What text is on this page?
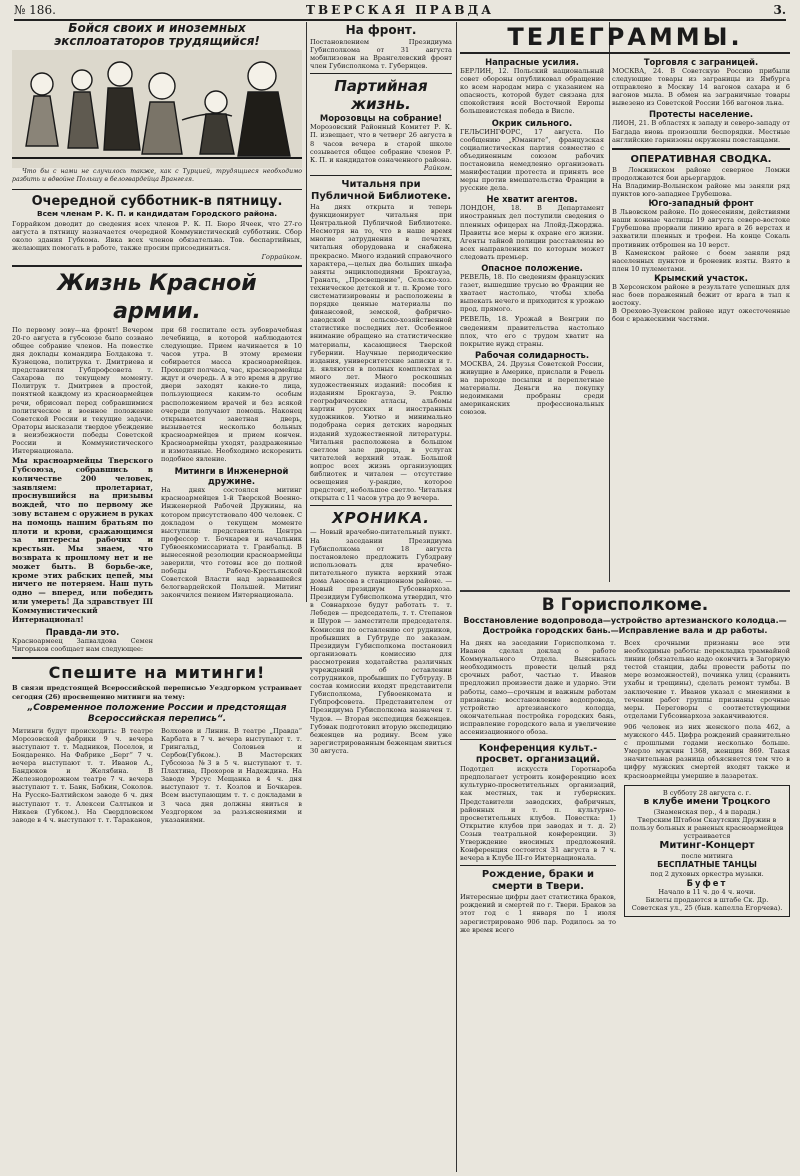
№ 186.	ТВЕРСКАЯ ПРАВДА	3.

Бойся своих и иноземных эксплоататоров трудящийся!

Что бы с нами не случилось также, как с Турцией, трудящиеся необходимо разбить и вдвойне Польшу в белогвардейца Врангеля.

Очередной субботник-в пятницу.

Всем членам Р. К. П. и кандидатам Городского района.

Горрайком доводит до сведения всех членов Р. К. П. Бюро Ячеек, что 27-го августа в пятницу назначается очередной Коммунистический субботник. Сбор около здания Губкома. Явка всех членов обязательна. Тов. беспартийных, желающих помогать в работе, также просим присоединиться.

Горрайком.

Жизнь Красной армии.

По первому зову—на фронт! Вечером 20-го августа в губсоюзе было созвано общее собрание членов. На повестке дня доклады командира Болдакова т. Кузнецова, политрука т. Дмитриева и представителя Губпрофсовета т. Сахарова по текущему моменту. Политрук т. Дмитриев в простой, понятной каждому из красноармейцев речи, обрисовал перед собравшимися политическое и военное положение Советской России и текущие задачи. Ораторы высказали твердое убеждение в неизбежности победы Советской России и Коммунистического Интернационала.

Мы красноармейцы Тверского Губсоюза, собравшись в количестве 200 человек, заявляем: пролетариат, проснувшийся на призывы вождей, что по первому же зову встанем с оружием в руках на помощь нашим братьям по плоти и крови, сражающимся за интересы рабочих и крестьян. Мы знаем, что возврата к прошлому нет и не может быть. В борьбе-же, кроме этих рабских цепей, мы ничего не потеряем. Наш путь одно — вперед, или победить или умереть! Да здравствует III Коммунистический Интернационал!

Правда-ли это.

Красноармеец Запвалдова Семен Чигорьков сообщает нам следующее:

при 68 госпитале есть зубоврачебная лечебница, в которой наблюдаются следующие. Прием начинается в 10 часов утра. В этому времени собирается масса красноармейцев. Проходит полчаса, час, красноармейцы ждут и очередь. А в это время в другие двери заходят какие-то лица, пользующиеся каким-то особым расположением врачей и без всякой очереди получают помощь. Наконец открывается заветная дверь, вызывается несколько больных красноармейцев и прием кончен. Красноармейцы уходят, раздраженные и измотанные. Необходимо искоренить подобное явление.

Митинги в Инженерной дружине.

На днях состоялся митинг красноармейцев 1-й Тверской Военно-Инженерной Рабочей Дружины, на котором присутствовало 400 человек. С докладом о текущем моменте выступили: представитель Центра профессор т. Бочкарев и начальник Губвоенкомиссариата т. Гранбальд. В вынесенной резолюции красноармейцы заверили, что готовы все до полной победы Рабоче-Крестьянской Советской Власти над зарвавшейся белогвардейской Польшей. Митинг закончился пением Интернационала.

Спешите на митинги!

В связи предстоящей Всероссийской переписью Уездгорком устраивает сегодня (26) просвещенно митинги на тему:

„Современное положение России и предстоящая Всероссийская перепись“.

Митинги будут происходить: В театре Морозовской фабрики 9 ч. вечера выступают т. т. Мадников, Поселов, и Бондаренко. На Фабрике „Берг“ 7 ч. вечера выступают т. т. Иванов А., Бандюков и Желябина. В Железнодорожном театре 7 ч. вечера выступают т. т. Банк, Бабкин, Соколов. На Русско-Балтийском заводе 6 ч. дня выступают т. т. Алексеи Салтыков и Никаев (Губком.). На Свердловском заводе в 4 ч. выступают т. т. Тараканов,

Волховов и Линин. В театре „Правда“ Карбата в 7 ч. вечера выступают т. т. Грингальд, Соловьев и Сербов(Губком.). В Мастерских Губсоюза №3 в 5 ч. выступают т. т. Плахтина, Прохоров и Надеждина. На Заводе Урсус Мещанка в 4 ч. дня выступают т. т. Козлов и Бочкарев. Всем выступающим т. т. с докладами в 3 часа дня должны явиться в Уездгорком за разъяснениями и указаниями.

На фронт.

Постановлением Президиума Губисполкома от 31 августа мобилизован на Врангелевский фронт член Губисполкома т. Губернцев.

Партийная жизнь.

Морозовцы на собрание!

Морозовский Районный Комитет Р. К. П. извещает, что в четверг 26 августа в 8 часов вечера в старой школе созывается общее собрание членов Р. К. П. и кандидатов означенного района.

Райком.

Читальня при Публичной Библиотеке.

На днях открыта и теперь функционирует читальня при Центральной Публичной Библиотеке. Несмотря на то, что в наше время многие затруднения в печатях, читальня оборудована и снабжена прекрасно. Много изданий справочного характера,—целых два больших шкафа заняты энциклопедиями Брокгауза, Гранать, „Просвещение“, Сельско-хоз. техническое детской и т. п. Кроме того систематизированы и расположены в порядке ценные материалы по финансовой, земской, фабрично-заводской и сельско-хозяйственной статистике последних лет. Особенное внимание обращено на статистические материалы, касающиеся Тверской губернии. Научные периодические издания, университетские записки и т. д. являются в полных комплектах за много лет. Много роскошных художественных изданий: пособия к изданиям Брокгауза, Э. Реклю географические атласы, альбомы картин русских и иностранных художников. Уютно и минимально подобрана серия детских народных изданий художественной литературы. Читальня расположена в большом светлом зале дворца, в услугах читателей верхний этаж. Большой вопрос всех жизнь организующих библиотек и читален — отсутствие освещения у-рандие, которое предстоит, небольшое светло. Читальня открыта с 11 часов утра до 9 вечера.

ХРОНИКА.

— Новый врачебно-питательный пункт. На заседании Президиума Губисполкома от 18 августа постановлено предложить Губздраву использовать для врачебно-питательного пункта верхний этаж дома Аносова в станционном районе. — Новый президиум Губсовнархоза. Президиум Губисполкома утвердил, что в Совнархозе будут работать т. т. Лебедев — председатель, т. т. Степанов и Шуров — заместители председателя. Комиссия по оставлению сот рудников, пробывших в Губтруде по заказам. Президиум Губисполкома постановил организовать комиссию для рассмотрения ходатайства различных учреждений об оставлении сотрудников, пробывших по Губтруду. В состав комиссии входят представители Губисполкома, Губвоенкомата и Губпрофсовета. Представителем от Президиума Губисполкома назначен т. Чудов. — Вторая экспедиция беженцев. Губэвак подготовил вторую экспедицию беженцев на родину. Всем уже зарегистрированным беженцам явиться 30 августа.

ТЕЛЕГРАММЫ.

Напрасные усилия.

БЕРЛИН, 12. Польский национальный совет обороны опубликовал обращение ко всем народам мира с указанием на опасность, которой будет связана для спокойствия всей Восточной Европы большевистская победа в Висле.

Окрик сильного.

ГЕЛЬСИНГФОРС, 17 августа. По сообщению „Юманите“, французская социалистическая партия совместно с объединенным союзом рабочих постановила немедленно организовать манифестации протеста и принять все меры против вмешательства Франции в русские дела.

Не хватит агентов.

ЛОНДОН, 18. В Департамент иностранных дел поступили сведения о пленных офицерах на Ллойд-Джорджа. Правиты все меры к охране его жизни. Агенты тайной полиции расставлены во всех направлениях по которым может следовать премьер.

Опасное положение.

РЕВЕЛЬ, 18. По сведениям французских газет, вышедшие трусью во Франции не хватает настолько, чтобы хлеба выпекать нечего и приходится к урожаю прод. прямого.

РЕВЕЛЬ, 18. Урожай в Венгрии по сведениям правительства настолько плох, что его с трудом хватит на покрытие нужд страны.

Рабочая солидарность.

МОСКВА, 24. Друзья Советской России, живущие в Америке, прислали в Ревель на пароходе посылки и переплетные материалы. Деньги на покупку недоимками пробраны среди американских профессиональных союзов.

Торговля с заграницей.

МОСКВА, 24. В Советскую Россию прибыли следующие товары из заграницы из Ямбурга отправлено в Москву 14 вагонов сахара и 6 вагонов мыла. В обмен на заграничные товары вывезено из Советской России 166 вагонов льна.

Протесты население.

ЛИОН, 21. В областях к западу и северо-западу от Багдада вновь произошли беспорядки. Местные английские гарнизоны окружены повстанцами.

ОПЕРАТИВНАЯ СВОДКА.

В Ломжинском районе северное Ломжи продолжаются бои арьергардов.

На Владимир-Волынском районе мы заняли ряд пунктов юго-западнее Грубешова.

Юго-западный фронт

В Львовском районе. По донесениям, действиями наши конные частицы 19 августа северо-востоке Грубешова прорвали линию врага в 26 верстах и захватили пленных и трофеи. На конце Сокаль противник отброшен на 10 верст.

В Каменском районе с боем заняли ряд населенных пунктов и броневик взяты. Взято в плен 10 пулеметами.

Крымский участок.

В Херсонском районе в результате успешных для нас боев пораженный бежит от врага в тыл к востоку.

В Орехово-Зуевском районе идут ожесточенные бои с вражескими частями.

В Горисполкоме.

Восстановление водопровода—устройство артезианского колодца.—Достройка городских бань.—Исправление вала и др работы.

На днях на заседании Горисполкома т. Иванов сделал доклад о работе Коммунального Отдела. Выяснилась необходимость провести целый ряд срочных работ, частью т. Иванов предложил произвести даже и ударно. Эти работы, само—срочным и важным работам призваны: восстановление водопровода, устройство артезианского колодца, окончательная постройка городских бань, исправление городского вала и увеличение ассенизационного обоза.

Конференция культ.-просвет. организаций.

Подотдел искусств Горотнароба предполагает устроить конференцию всех культурно-просветительных организаций, как местных, так и губернских. Представители заводских, фабричных, районных и т. п. культурно-просветительных клубов. Повестка: 1) Открытие клубов при заводах и т. д. 2) Созыв театральной конференции. 3) Утверждение вносимых предложений. Конференция состоится 31 августа в 7 ч. вечера в Клубе III-го Интернационала.

Рождение, браки и смерти в Твери.

Интересные цифры дает статистика браков, рождений и смертей по г. Твери. Браков за этот год с 1 января по 1 июля зарегистрировано 906 пар. Родилось за то же время всего

Всех срочными признаны все эти необходимые работы: перекладка трамвайной линии (обязательно надо окончить в Загорную тестой станции, дабы провести работы по мере возможностей), починка улиц (сравнить ухабы и трещины), сделать ремонт тумбы. В заключение т. Иванов указал с мнениями в течении работ группы признаны срочные меры. Переговоры с соответствующими отделами Губсовнархоза заканчиваются.

906 человек из них женского пола 462, а мужского 445. Цифра рождений сравнительно с прошлыми годами несколько больше. Умерло мужчин 1368, женщин 869. Такая значительная разница объясняется тем что в цифру мужских смертей входят также и красноармейцы умершие в лазаретах.

В субботу 28 августа с. г.

в клубе имени Троцкого

(Знаменская пер., 4 в парадн.)

Тверским Штабом Скаутских Дружин в пользу больных и раненых красноармейцев устраивается

Митинг-Концерт

после митинга

БЕСПЛАТНЫЕ ТАНЦЫ

под 2 духовых оркестра музыки.

Буфет

Начало в 11 ч. до 4 ч. ночи.

Билеты продаются в штабе Ск. Др. Советская ул., 25 (быв. капелла Егорчева).
